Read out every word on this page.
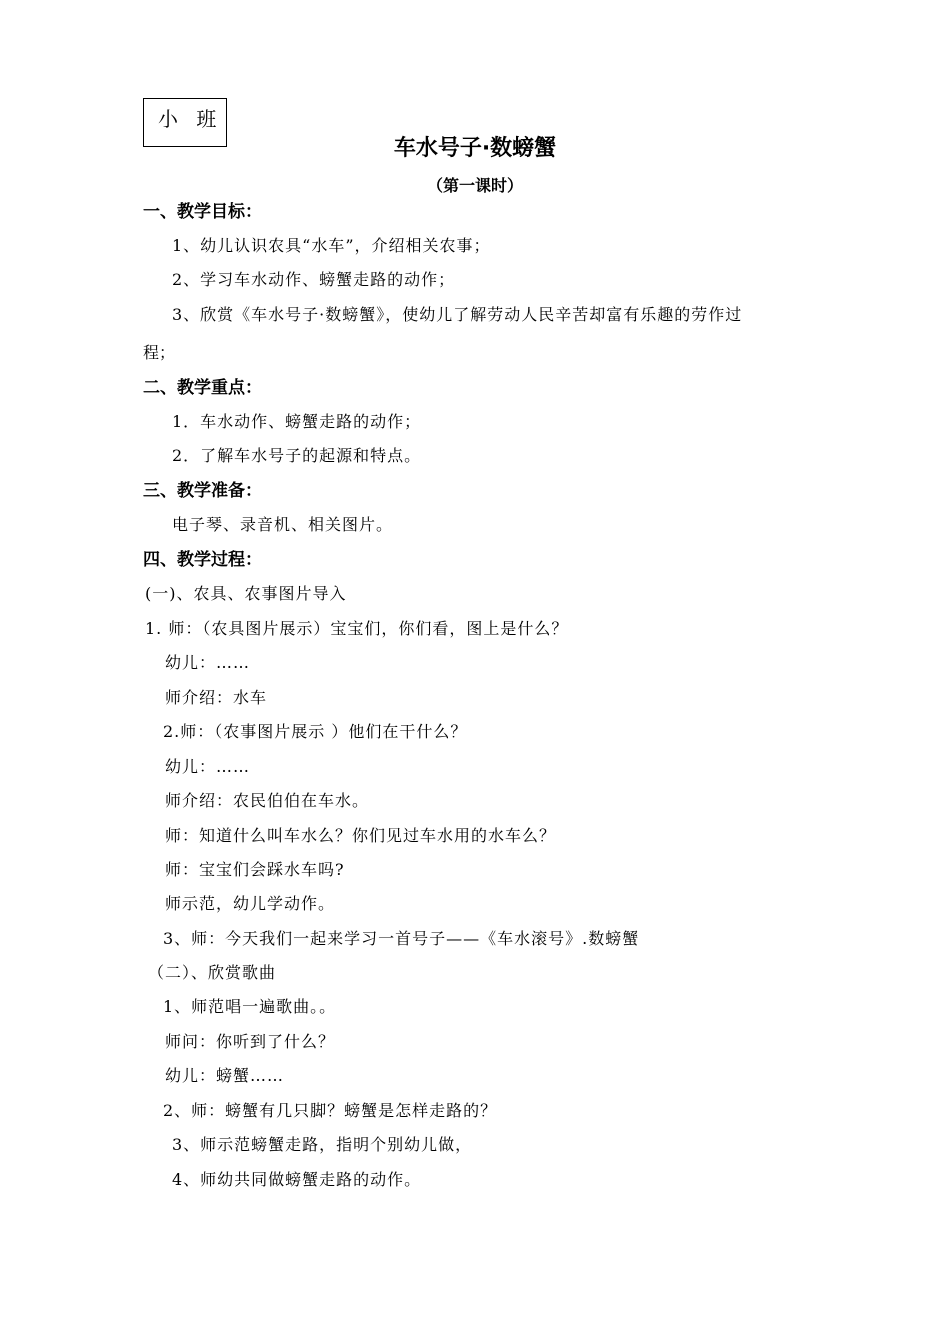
小 班
车水号子·数螃蟹
（第一课时）
一、教学目标：
1、幼儿认识农具“水车”，介绍相关农事；
2、学习车水动作、螃蟹走路的动作；
3、欣赏《车水号子·数螃蟹》，使幼儿了解劳动人民辛苦却富有乐趣的劳作过
程；
二、教学重点：
1．车水动作、螃蟹走路的动作；
2．了解车水号子的起源和特点。
三、教学准备：
电子琴、录音机、相关图片。
四、教学过程：
(一)、农具、农事图片导入
1. 师：（农具图片展示）宝宝们，你们看，图上是什么？
幼儿：……
师介绍：水车
2.师：（农事图片展示 ）他们在干什么？
幼儿：……
师介绍：农民伯伯在车水。
师：知道什么叫车水么？你们见过车水用的水车么？
师：宝宝们会踩水车吗?
师示范，幼儿学动作。
3、师：今天我们一起来学习一首号子——《车水滚号》.数螃蟹
（二）、欣赏歌曲
1、师范唱一遍歌曲。。
师问：你听到了什么？
幼儿：螃蟹……
2、师：螃蟹有几只脚？螃蟹是怎样走路的？
3、师示范螃蟹走路，指明个别幼儿做，
4、师幼共同做螃蟹走路的动作。
